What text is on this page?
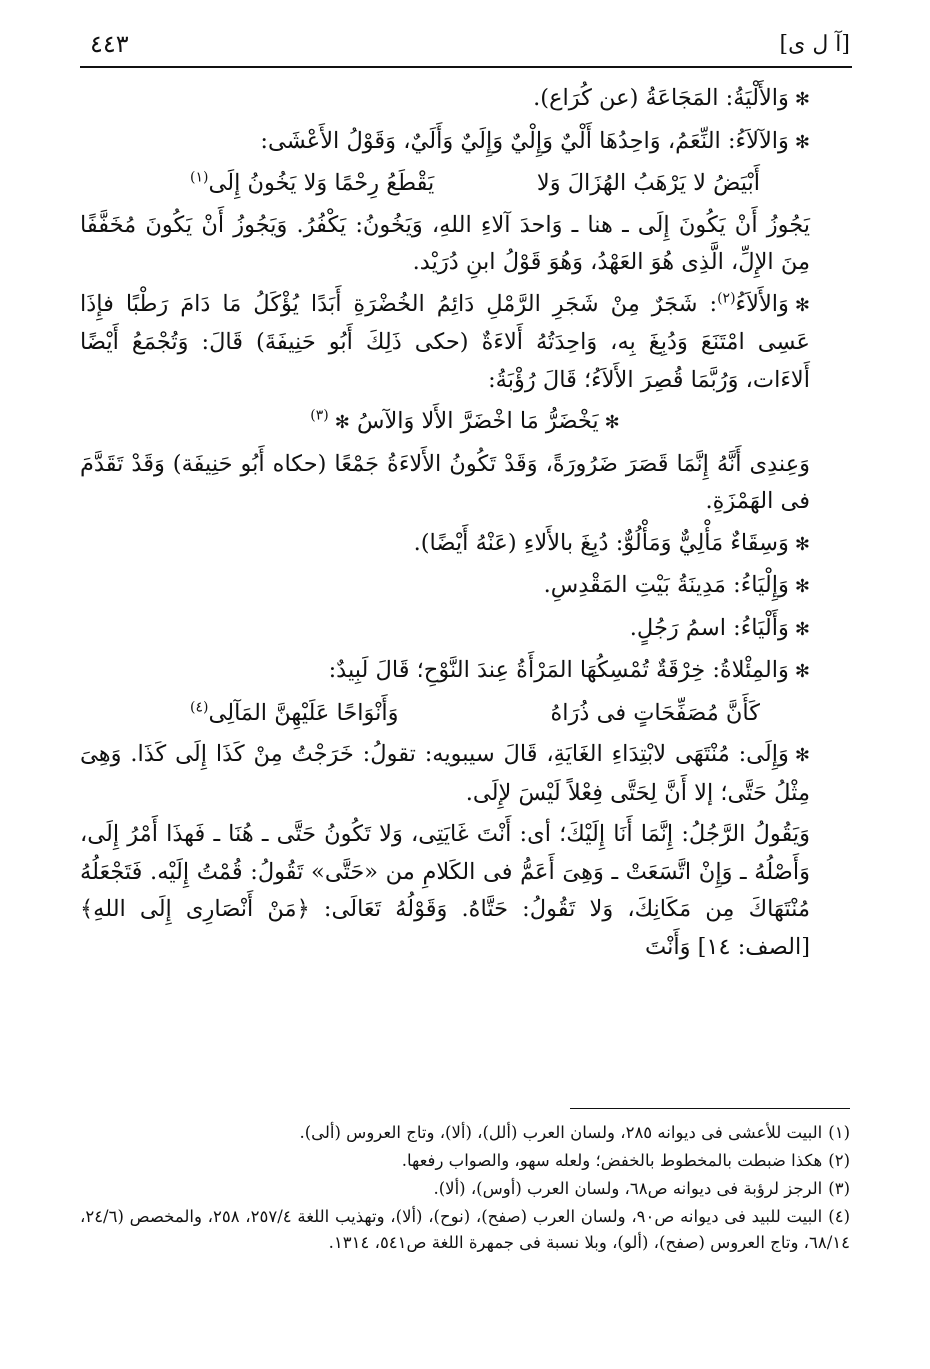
٤٤٣	[آ ل ى]

✻وَالأَلْيَةُ: المَجَاعَةُ (عن كُرَاع).

✻وَالآلاَءُ: النِّعَمُ، وَاحِدُهَا أَلْيٌ وَإِلْيٌ وَإِلَيٌ وَأَلَيٌ، وَقَوْلُ الأَعْشَى:

أَبْيَضُ لا يَرْهَبُ الهُزَالَ وَلا
يَقْطَعُ رِحْمًا وَلا يَخُونُ إِلَى$^{(١)}$

يَجُوزُ أَنْ يَكُونَ إِلَى ـ هنا ـ وَاحدَ آلاءِ اللهِ، وَيَخُونُ: يَكْفُرُ. وَيَجُوزُ أَنْ يَكُونَ مُخَفَّفًا مِنَ الإِلِّ، الَّذِى هُوَ العَهْدُ، وَهُوَ قَوْلُ ابنِ دُرَيْد.

✻وَالأَلاَءُ$^{(٢)}$: شَجَرٌ مِنْ شَجَرِ الرَّمْلِ دَائِمُ الخُضْرَةِ أَبَدًا يُؤْكَلُ مَا دَامَ رَطْبًا فإِذَا عَسِى امْتَنَعَ وَدُبِغَ بِه، وَاحِدَتُهُ أَلاءَةٌ (حكى ذَلِكَ أَبُو حَنِيفَةَ) قَالَ: وَتُجْمَعُ أَيْضًا أَلاءَات، وَرُبَّمَا قُصِرَ الأَلاَءُ؛ قَالَ رُؤْبَةُ:

✻يَخْضَرُّ مَا اخْضَرَّ الأَلا وَالآسُ ✻$^{(٣)}$

وَعِندِى أَنَّهُ إِنَّمَا قَصَرَ ضَرُورَةً، وَقَدْ تَكُونُ الأَلاءَةُ جَمْعًا (حكاه أَبُو حَنِيفَة) وَقَدْ تَقَدَّمَ فى الهَمْزَةِ.

✻وَسِقَاءٌ مَأْلِيٌّ وَمَأْلُوٌّ: دُبِغَ بالأَلاءِ (عَنْهُ أَيْضًا).

✻وَإِلْيَاءُ: مَدِينَةُ بَيْتِ المَقْدِسِ.

✻وَأَلْيَاءُ: اسمُ رَجُلٍ.

✻وَالمِئْلاةُ: خِرْقَةٌ تُمْسِكُهَا المَرْأَةُ عِندَ النَّوْحِ؛ قَالَ لَبِيدٌ:

كَأَنَّ مُصَفِّحَاتٍ فى ذُرَاهُ
وَأَنْوَاحًا عَلَيْهِنَّ المَآلِى$^{(٤)}$

✻وَإِلَى: مُنْتَهَى لابْتِدَاءِ الغَايَةِ، قَالَ سيبويه: تقولُ: خَرَجْتُ مِنْ كَذَا إِلَى كَذَا. وَهِىَ مِثْلُ حَتَّى؛ إلا أَنَّ لِحَتَّى فِعْلاً لَيْسَ لإِلَى.

وَيَقُولُ الرَّجُلُ: إِنَّمَا أَنَا إِلَيْكَ؛ أى: أَنْتَ غَايَتِى، وَلا تَكُونُ حَتَّى ـ هُنَا ـ فَهذَا أَمْرُ إِلَى، وَأَصْلُهُ ـ وَإِنْ اتَّسَعَتْ ـ وَهِىَ أَعَمُّ فى الكَلامِ من «حَتَّى» تَقُولُ: قُمْتُ إِلَيْه. فَتَجْعَلُهُ مُنْتَهَاكَ مِن مَكَانِكَ، وَلا تَقُولُ: حَتَّاهُ. وَقَوْلُهُ تَعَالَى: ﴿مَنْ أَنْصَارِى إِلَى اللهِ﴾ [الصف: ١٤] وَأَنْتَ

(١)البيت للأعشى فى ديوانه ٢٨٥، ولسان العرب (ألل)، (ألا)، وتاج العروس (ألى).

(٢)هكذا ضبطت بالمخطوط بالخفض؛ ولعله سهو، والصواب رفعها.

(٣)الرجز لرؤبة فى ديوانه ص٦٨، ولسان العرب (أوس)، (ألا).

(٤)البيت للبيد فى ديوانه ص٩٠، ولسان العرب (صفح)، (نوح)، (ألا)، وتهذيب اللغة ٢٥٧/٤، ٢٥٨، والمخصص (٢٤/٦، ٦٨/١٤، وتاج العروس (صفح)، (ألو)، وبلا نسبة فى جمهرة اللغة ص٥٤١، ١٣١٤.
